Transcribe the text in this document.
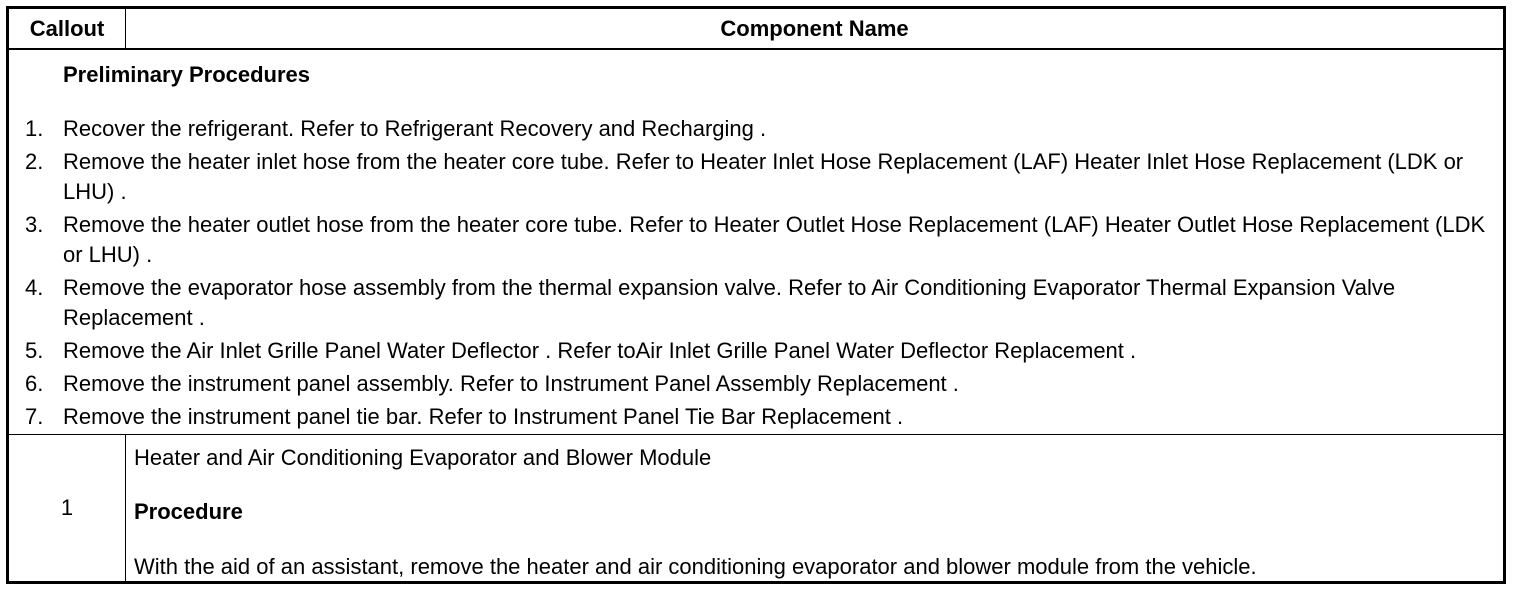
Callout	Component Name
Preliminary Procedures
1. Recover the refrigerant. Refer to Refrigerant Recovery and Recharging .
2. Remove the heater inlet hose from the heater core tube. Refer to Heater Inlet Hose Replacement (LAF) Heater Inlet Hose Replacement (LDK or LHU) .
3. Remove the heater outlet hose from the heater core tube. Refer to Heater Outlet Hose Replacement (LAF) Heater Outlet Hose Replacement (LDK or LHU) .
4. Remove the evaporator hose assembly from the thermal expansion valve. Refer to Air Conditioning Evaporator Thermal Expansion Valve Replacement .
5. Remove the Air Inlet Grille Panel Water Deflector . Refer toAir Inlet Grille Panel Water Deflector Replacement .
6. Remove the instrument panel assembly. Refer to Instrument Panel Assembly Replacement .
7. Remove the instrument panel tie bar. Refer to Instrument Panel Tie Bar Replacement .
1
Heater and Air Conditioning Evaporator and Blower Module
Procedure
With the aid of an assistant, remove the heater and air conditioning evaporator and blower module from the vehicle.
